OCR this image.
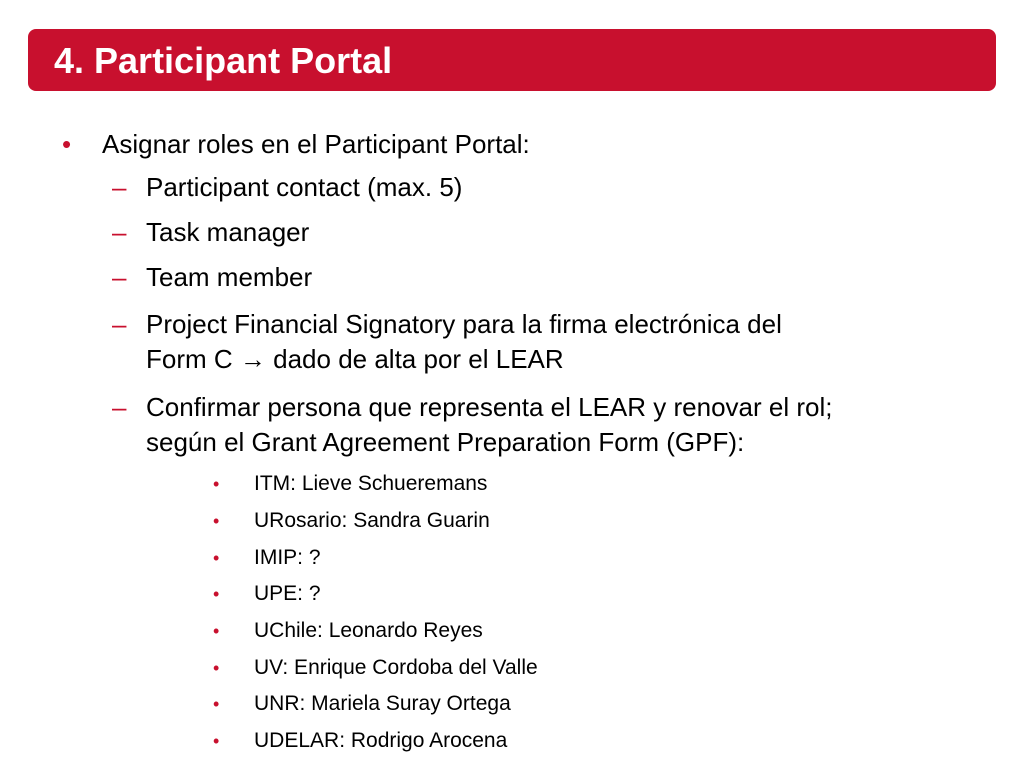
4. Participant Portal
• Asignar roles en el Participant Portal:
– Participant contact (max. 5)
– Task manager
– Team member
– Project Financial Signatory para la firma electrónica del
Form C → dado de alta por el LEAR
– Confirmar persona que representa el LEAR y renovar el rol;
según el Grant Agreement Preparation Form (GPF):
• ITM: Lieve Schueremans
• URosario: Sandra Guarin
• IMIP: ?
• UPE: ?
• UChile: Leonardo Reyes
• UV: Enrique Cordoba del Valle
• UNR: Mariela Suray Ortega
• UDELAR: Rodrigo Arocena
